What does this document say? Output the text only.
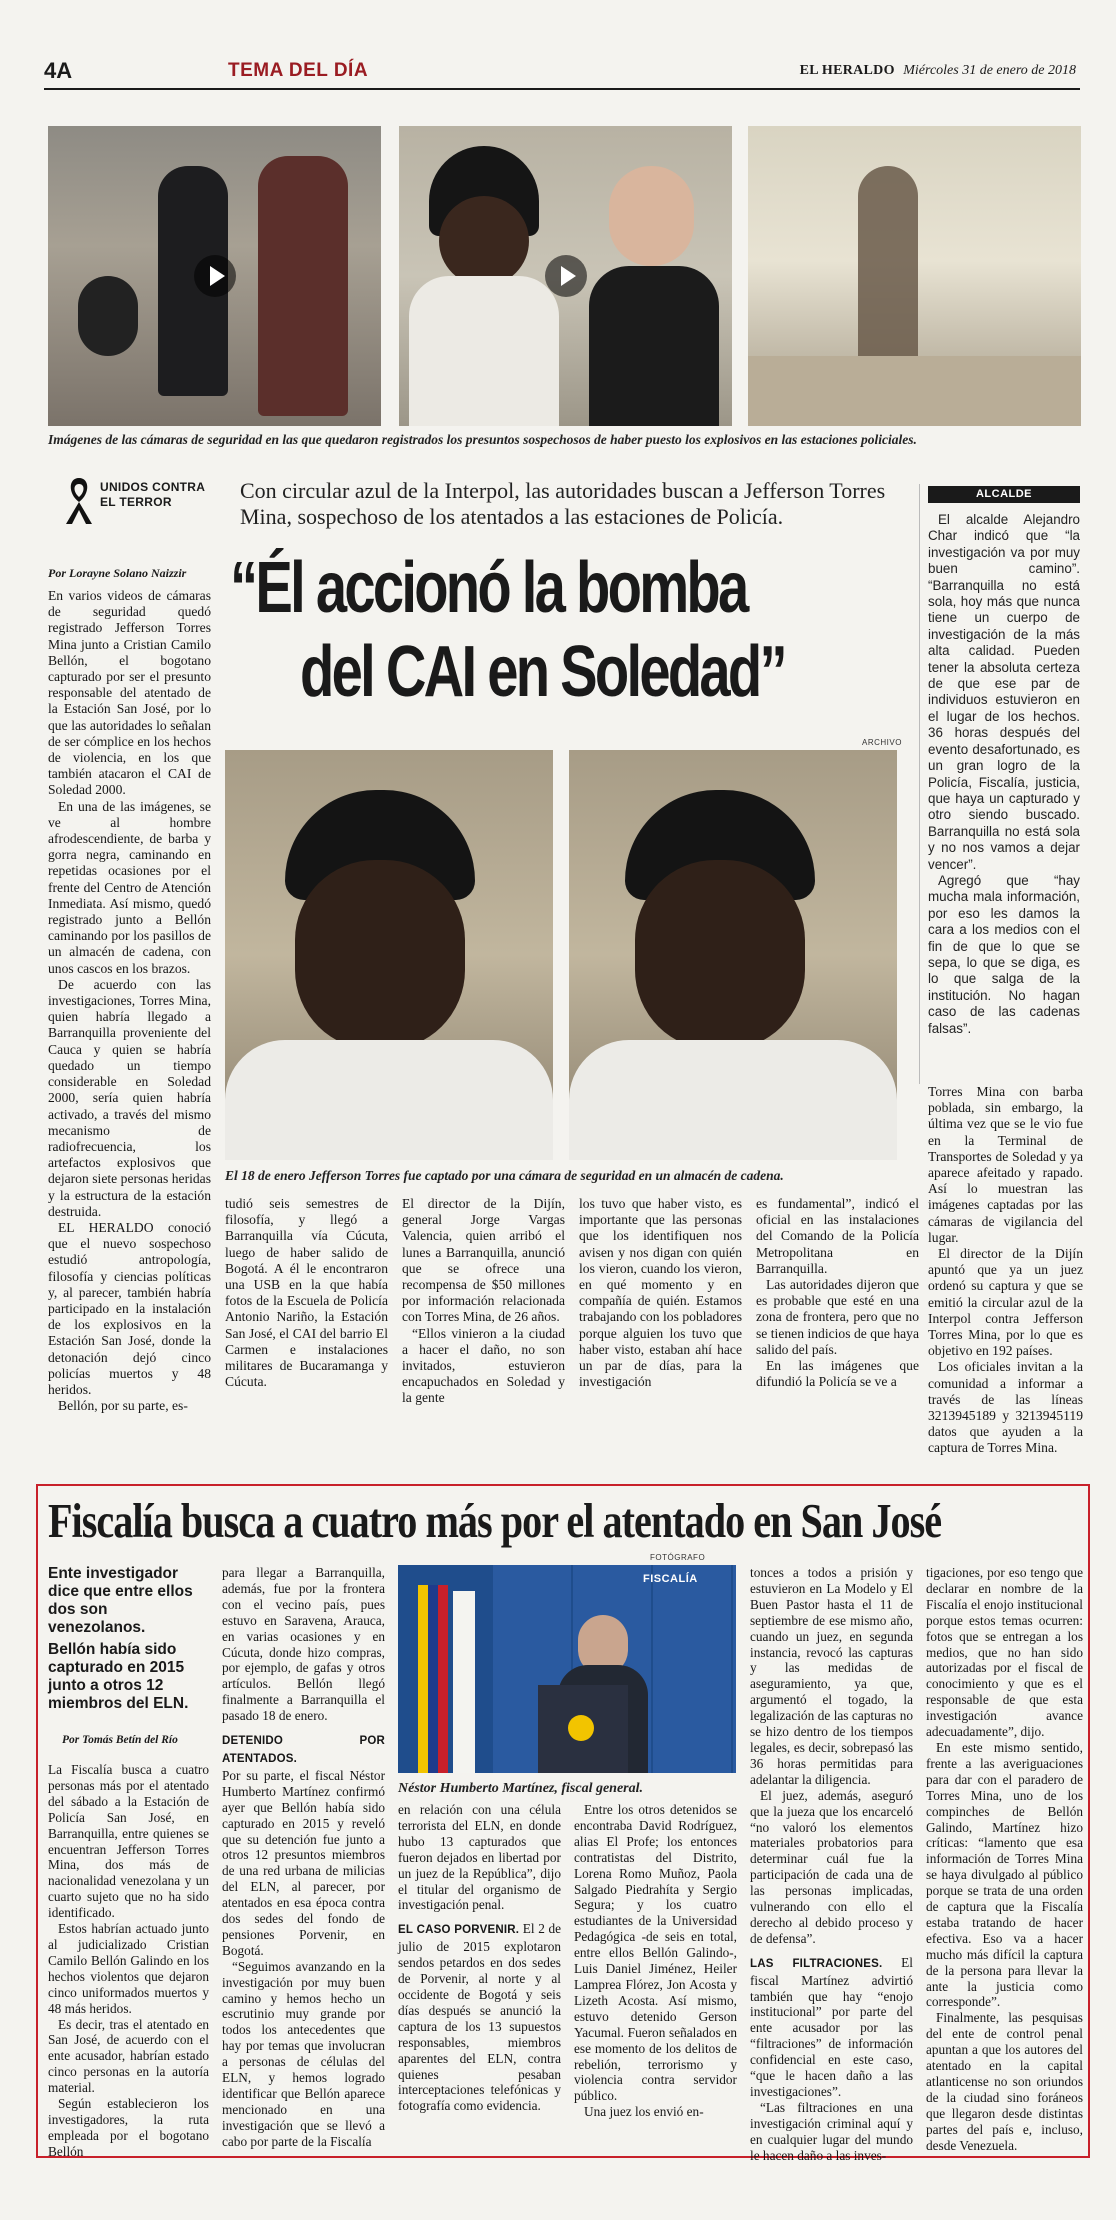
4A	TEMA DEL DÍA	EL HERALDO Miércoles 31 de enero de 2018
Imágenes de las cámaras de seguridad en las que quedaron registrados los presuntos sospechosos de haber puesto los explosivos en las estaciones policiales.
UNIDOS CONTRA
EL TERROR
Por Lorayne Solano Naizzir
Con circular azul de la Interpol, las autoridades buscan a Jefferson Torres Mina, sospechoso de los atentados a las estaciones de Policía.
“Él accionó la bomba
del CAI en Soledad”
ARCHIVO
El 18 de enero Jefferson Torres fue captado por una cámara de seguridad en un almacén de cadena.

En varios videos de cámaras de seguridad quedó registrado Jefferson Torres Mina junto a Cristian Camilo Bellón, el bogotano capturado por ser el presunto responsable del atentado de la Estación San José, por lo que las autoridades lo señalan de ser cómplice en los hechos de violencia, en los que también atacaron el CAI de Soledad 2000.

En una de las imágenes, se ve al hombre afrodescendiente, de barba y gorra negra, caminando en repetidas ocasiones por el frente del Centro de Atención Inmediata. Así mismo, quedó registrado junto a Bellón caminando por los pasillos de un almacén de cadena, con unos cascos en los brazos.

De acuerdo con las investigaciones, Torres Mina, quien habría llegado a Barranquilla proveniente del Cauca y quien se habría quedado un tiempo considerable en Soledad 2000, sería quien habría activado, a través del mismo mecanismo de radiofrecuencia, los artefactos explosivos que dejaron siete personas heridas y la estructura de la estación destruida.

EL HERALDO conoció que el nuevo sospechoso estudió antropología, filosofía y ciencias políticas y, al parecer, también habría participado en la instalación de los explosivos en la Estación San José, donde la detonación dejó cinco policías muertos y 48 heridos.

Bellón, por su parte, es-

tudió seis semestres de filosofía, y llegó a Barranquilla vía Cúcuta, luego de haber salido de Bogotá. A él le encontraron una USB en la que había fotos de la Escuela de Policía Antonio Nariño, la Estación San José, el CAI del barrio El Carmen e instalaciones militares de Bucaramanga y Cúcuta.

El director de la Dijín, general Jorge Vargas Valencia, quien arribó el lunes a Barranquilla, anunció que se ofrece una recompensa de $50 millones por información relacionada con Torres Mina, de 26 años.

“Ellos vinieron a la ciudad a hacer el daño, no son invitados, estuvieron encapuchados en Soledad y la gente

los tuvo que haber visto, es importante que las personas que los identifiquen nos avisen y nos digan con quién los vieron, cuando los vieron, en qué momento y en compañía de quién. Estamos trabajando con los pobladores porque alguien los tuvo que haber visto, estaban ahí hace un par de días, para la investigación

es fundamental”, indicó el oficial en las instalaciones del Comando de la Policía Metropolitana en Barranquilla.

Las autoridades dijeron que es probable que esté en una zona de frontera, pero que no se tienen indicios de que haya salido del país.

En las imágenes que difundió la Policía se ve a

ALCALDE

El alcalde Alejandro Char indicó que “la investigación va por muy buen camino”. “Barranquilla no está sola, hoy más que nunca tiene un cuerpo de investigación de la más alta calidad. Pueden tener la absoluta certeza de que ese par de individuos estuvieron en el lugar de los hechos. 36 horas después del evento desafortunado, es un gran logro de la Policía, Fiscalía, justicia, que haya un capturado y otro siendo buscado. Barranquilla no está sola y no nos vamos a dejar vencer”.

Agregó que “hay mucha mala información, por eso les damos la cara a los medios con el fin de que lo que se sepa, lo que se diga, es lo que salga de la institución. No hagan caso de las cadenas falsas”.

Torres Mina con barba poblada, sin embargo, la última vez que se le vio fue en la Terminal de Transportes de Soledad y ya aparece afeitado y rapado. Así lo muestran las imágenes captadas por las cámaras de vigilancia del lugar.

El director de la Dijín apuntó que ya un juez ordenó su captura y que se emitió la circular azul de la Interpol contra Jefferson Torres Mina, por lo que es objetivo en 192 países.

Los oficiales invitan a la comunidad a informar a través de las líneas 3213945189 y 3213945119 datos que ayuden a la captura de Torres Mina.

Fiscalía busca a cuatro más por el atentado en San José
FOTÓGRAFO
Ente investigador dice que entre ellos dos son venezolanos.
Bellón había sido capturado en 2015 junto a otros 12 miembros del ELN.
Por Tomás Betín del Río
FISCALÍA
Néstor Humberto Martínez, fiscal general.

La Fiscalía busca a cuatro personas más por el atentado del sábado a la Estación de Policía San José, en Barranquilla, entre quienes se encuentran Jefferson Torres Mina, dos más de nacionalidad venezolana y un cuarto sujeto que no ha sido identificado.

Estos habrían actuado junto al judicializado Cristian Camilo Bellón Galindo en los hechos violentos que dejaron cinco uniformados muertos y 48 más heridos.

Es decir, tras el atentado en San José, de acuerdo con el ente acusador, habrían estado cinco personas en la autoría material.

Según establecieron los investigadores, la ruta empleada por el bogotano Bellón

para llegar a Barranquilla, además, fue por la frontera con el vecino país, pues estuvo en Saravena, Arauca, en varias ocasiones y en Cúcuta, donde hizo compras, por ejemplo, de gafas y otros artículos. Bellón llegó finalmente a Barranquilla el pasado 18 de enero.

DETENIDO POR ATENTADOS.

Por su parte, el fiscal Néstor Humberto Martínez confirmó ayer que Bellón había sido capturado en 2015 y reveló que su detención fue junto a otros 12 presuntos miembros de una red urbana de milicias del ELN, al parecer, por atentados en esa época contra dos sedes del fondo de pensiones Porvenir, en Bogotá.

“Seguimos avanzando en la investigación por muy buen camino y hemos hecho un escrutinio muy grande por todos los antecedentes que hay por temas que involucran a personas de células del ELN, y hemos logrado identificar que Bellón aparece mencionado en una investigación que se llevó a cabo por parte de la Fiscalía

en relación con una célula terrorista del ELN, en donde hubo 13 capturados que fueron dejados en libertad por un juez de la República”, dijo el titular del organismo de investigación penal.

EL CASO PORVENIR. El 2 de julio de 2015 explotaron sendos petardos en dos sedes de Porvenir, al norte y al occidente de Bogotá y seis días después se anunció la captura de los 13 supuestos responsables, miembros aparentes del ELN, contra quienes pesaban interceptaciones telefónicas y fotografía como evidencia.

Entre los otros detenidos se encontraba David Rodríguez, alias El Profe; los entonces contratistas del Distrito, Lorena Romo Muñoz, Paola Salgado Piedrahíta y Sergio Segura; y los cuatro estudiantes de la Universidad Pedagógica -de seis en total, entre ellos Bellón Galindo-, Luis Daniel Jiménez, Heiler Lamprea Flórez, Jon Acosta y Lizeth Acosta. Así mismo, estuvo detenido Gerson Yacumal. Fueron señalados en ese momento de los delitos de rebelión, terrorismo y violencia contra servidor público.

Una juez los envió en-

tonces a todos a prisión y estuvieron en La Modelo y El Buen Pastor hasta el 11 de septiembre de ese mismo año, cuando un juez, en segunda instancia, revocó las capturas y las medidas de aseguramiento, ya que, argumentó el togado, la legalización de las capturas no se hizo dentro de los tiempos legales, es decir, sobrepasó las 36 horas permitidas para adelantar la diligencia.

El juez, además, aseguró que la jueza que los encarceló “no valoró los elementos materiales probatorios para determinar cuál fue la participación de cada una de las personas implicadas, vulnerando con ello el derecho al debido proceso y de defensa”.

LAS FILTRACIONES. El fiscal Martínez advirtió también que hay “enojo institucional” por parte del ente acusador por las “filtraciones” de información confidencial en este caso, “que le hacen daño a las investigaciones”.

“Las filtraciones en una investigación criminal aquí y en cualquier lugar del mundo le hacen daño a las inves-

tigaciones, por eso tengo que declarar en nombre de la Fiscalía el enojo institucional porque estos temas ocurren: fotos que se entregan a los medios, que no han sido autorizadas por el fiscal de conocimiento y que es el responsable de que esta investigación avance adecuadamente”, dijo.

En este mismo sentido, frente a las averiguaciones para dar con el paradero de Torres Mina, uno de los compinches de Bellón Galindo, Martínez hizo críticas: “lamento que esa información de Torres Mina se haya divulgado al público porque se trata de una orden de captura que la Fiscalía estaba tratando de hacer efectiva. Eso va a hacer mucho más difícil la captura de la persona para llevar la ante la justicia como corresponde”.

Finalmente, las pesquisas del ente de control penal apuntan a que los autores del atentado en la capital atlanticense no son oriundos de la ciudad sino foráneos que llegaron desde distintas partes del país e, incluso, desde Venezuela.
